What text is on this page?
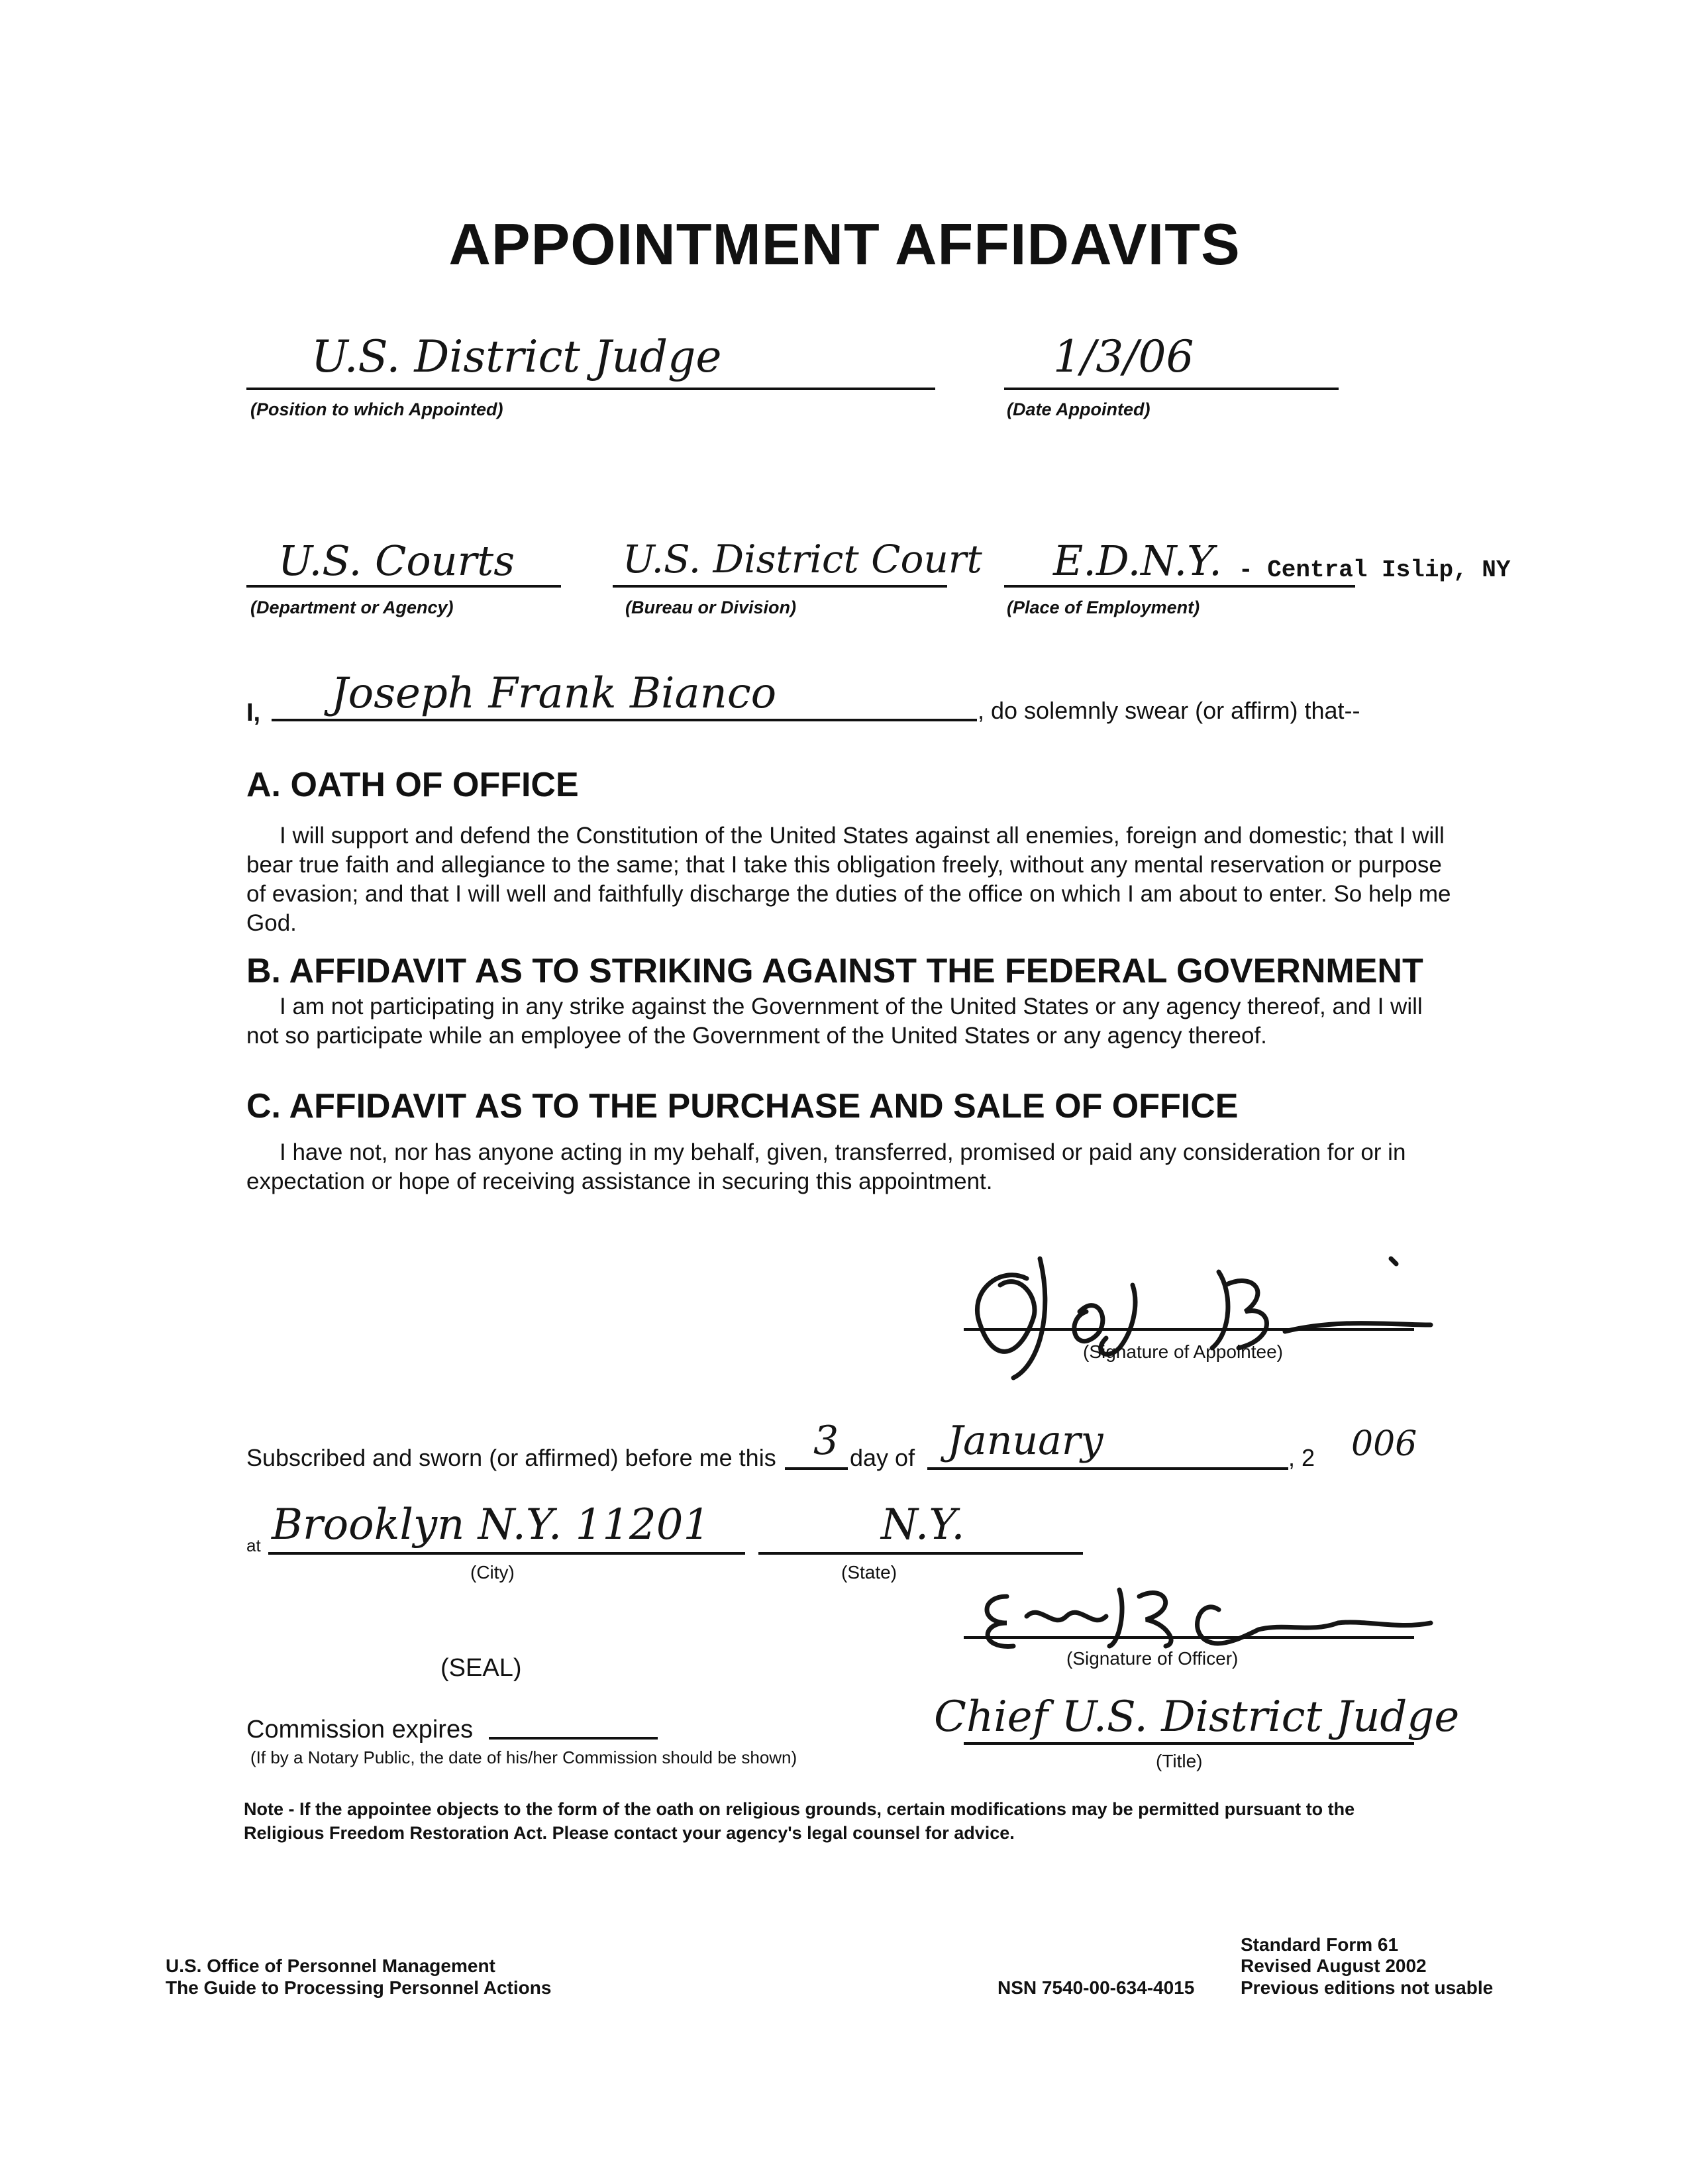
APPOINTMENT AFFIDAVITS
U.S. District Judge
(Position to which Appointed)
1/3/06
(Date Appointed)
U.S. Courts
(Department or Agency)
U.S. District Court
(Bureau or Division)
E.D.N.Y. - Central Islip, NY
(Place of Employment)
I, Joseph Frank Bianco	, do solemnly swear (or affirm) that--
A. OATH OF OFFICE
I will support and defend the Constitution of the United States against all enemies, foreign and domestic; that I will bear true faith and allegiance to the same; that I take this obligation freely, without any mental reservation or purpose of evasion; and that I will well and faithfully discharge the duties of the office on which I am about to enter. So help me God.
B. AFFIDAVIT AS TO STRIKING AGAINST THE FEDERAL GOVERNMENT
I am not participating in any strike against the Government of the United States or any agency thereof, and I will not so participate while an employee of the Government of the United States or any agency thereof.
C. AFFIDAVIT AS TO THE PURCHASE AND SALE OF OFFICE
I have not, nor has anyone acting in my behalf, given, transferred, promised or paid any consideration for or in expectation or hope of receiving assistance in securing this appointment.
(Signature of Appointee)
Subscribed and sworn (or affirmed) before me this 3 day of January	, 2 006
at Brooklyn N.Y. 11201
(City)
N.Y.
(State)
(Signature of Officer)
(SEAL)
Commission expires
(If by a Notary Public, the date of his/her Commission should be shown)
Chief U.S. District Judge
(Title)
Note - If the appointee objects to the form of the oath on religious grounds, certain modifications may be permitted pursuant to the Religious Freedom Restoration Act. Please contact your agency's legal counsel for advice.
U.S. Office of Personnel Management
The Guide to Processing Personnel Actions	NSN 7540-00-634-4015
Standard Form 61
Revised August 2002
Previous editions not usable
